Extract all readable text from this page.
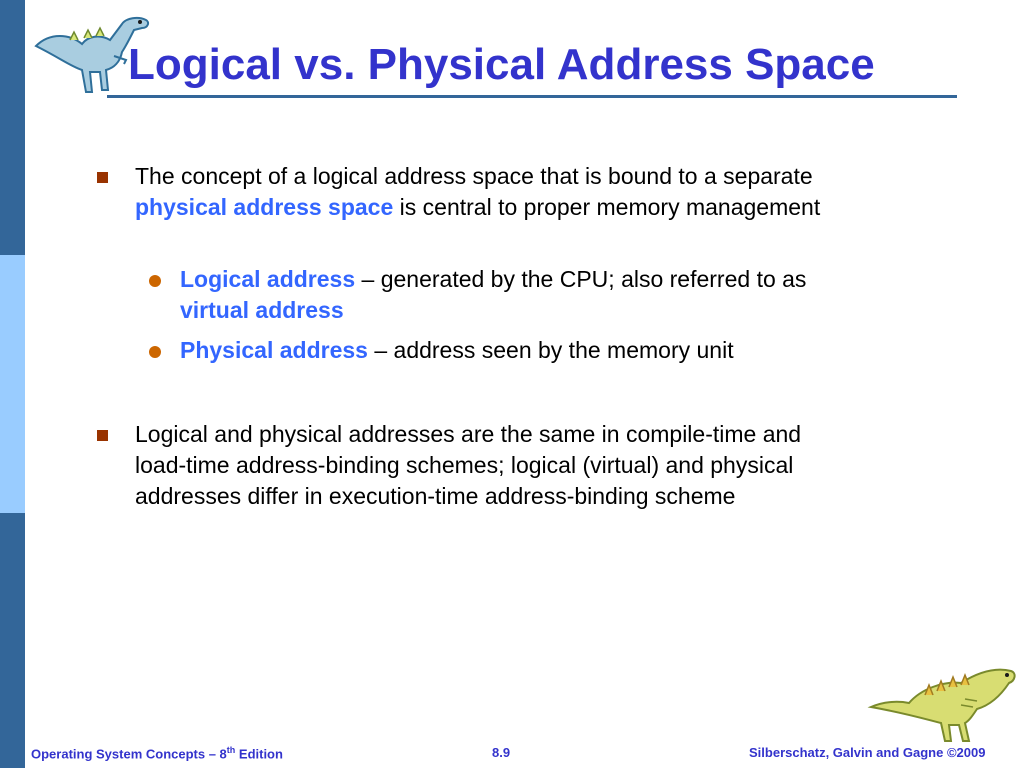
Logical vs. Physical Address Space
The concept of a logical address space that is bound to a separate physical address space is central to proper memory management
Logical address – generated by the CPU; also referred to as virtual address
Physical address – address seen by the memory unit
Logical and physical addresses are the same in compile-time and load-time address-binding schemes; logical (virtual) and physical addresses differ in execution-time address-binding scheme
Operating System Concepts – 8th Edition	8.9	Silberschatz, Galvin and Gagne ©2009
